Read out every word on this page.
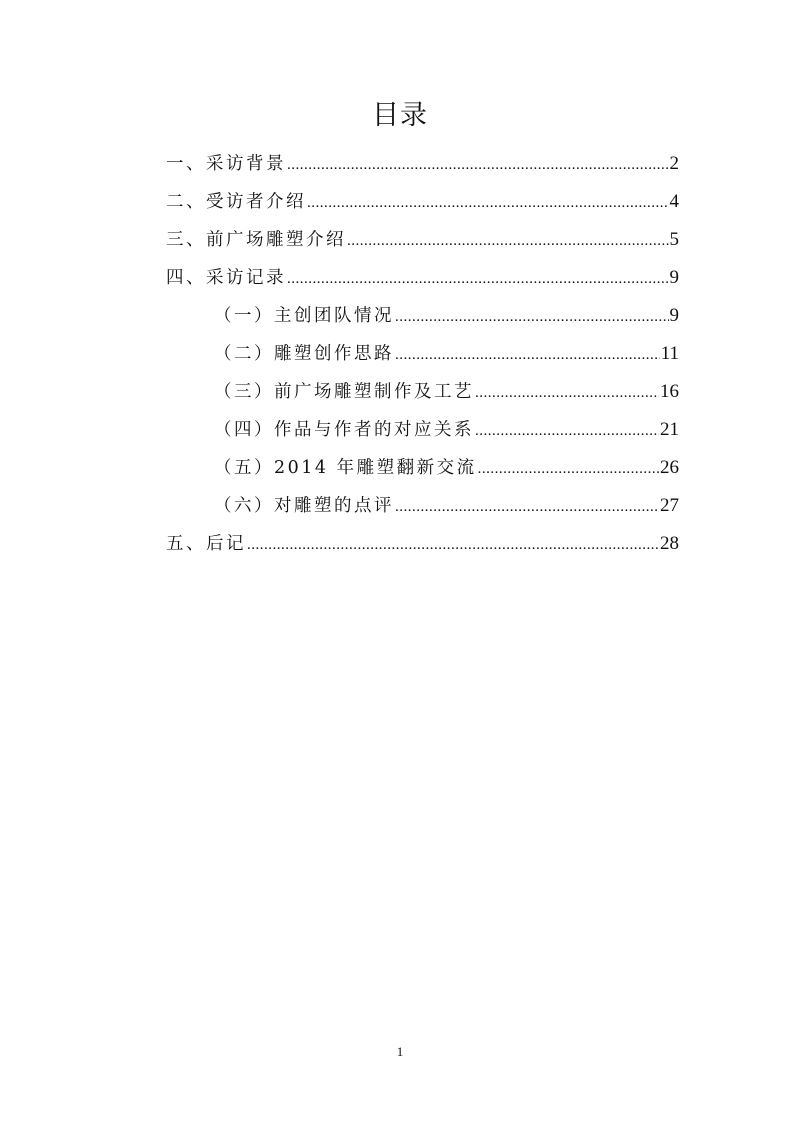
目录
一、采访背景 .....	2
二、受访者介绍 .....	4
三、前广场雕塑介绍 .....	5
四、采访记录 .....	9
（一）主创团队情况 .....	9
（二）雕塑创作思路 .....	11
（三）前广场雕塑制作及工艺 .....	16
（四）作品与作者的对应关系 .....	21
（五）2014 年雕塑翻新交流 .....	26
（六）对雕塑的点评 .....	27
五、后记 .....	28
1
